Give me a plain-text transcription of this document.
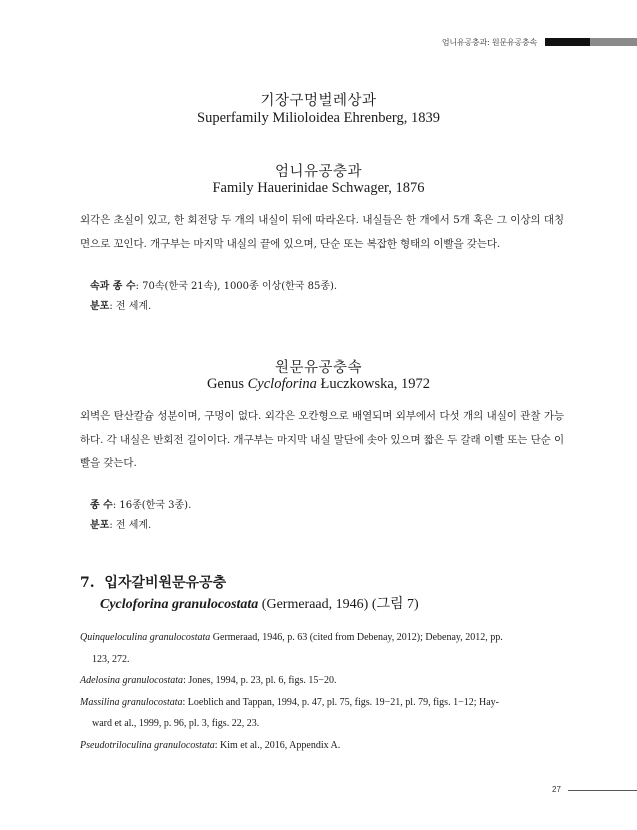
엄니유공충과: 원문유공충속
기장구멍벌레상과
Superfamily Milioloidea Ehrenberg, 1839
엄니유공충과
Family Hauerinidae Schwager, 1876
외각은 초실이 있고, 한 회전당 두 개의 내실이 뒤에 따라온다. 내실들은 한 개에서 5개 혹은 그 이상의 대칭면으로 꼬인다. 개구부는 마지막 내실의 끝에 있으며, 단순 또는 복잡한 형태의 이빨을 갖는다.
속과 종 수: 70속(한국 21속), 1000종 이상(한국 85종).
분포: 전 세계.
원문유공충속
Genus Cycloforina Łuczkowska, 1972
외벽은 탄산칼슘 성분이며, 구멍이 없다. 외각은 오칸형으로 배열되며 외부에서 다섯 개의 내실이 관찰 가능하다. 각 내실은 반회전 길이이다. 개구부는 마지막 내실 말단에 솟아 있으며 짧은 두 갈래 이빨 또는 단순 이빨을 갖는다.
종 수: 16종(한국 3종).
분포: 전 세계.
7. 입자갈비원문유공충
Cycloforina granulocostata (Germeraad, 1946) (그림 7)

Quinqueloculina granulocostata Germeraad, 1946, p. 63 (cited from Debenay, 2012); Debenay, 2012, pp.

123, 272.

Adelosina granulocostata: Jones, 1994, p. 23, pl. 6, figs. 15−20.

Massilina granulocostata: Loeblich and Tappan, 1994, p. 47, pl. 75, figs. 19−21, pl. 79, figs. 1−12; Hay-

ward et al., 1999, p. 96, pl. 3, figs. 22, 23.

Pseudotriloculina granulocostata: Kim et al., 2016, Appendix A.

27
